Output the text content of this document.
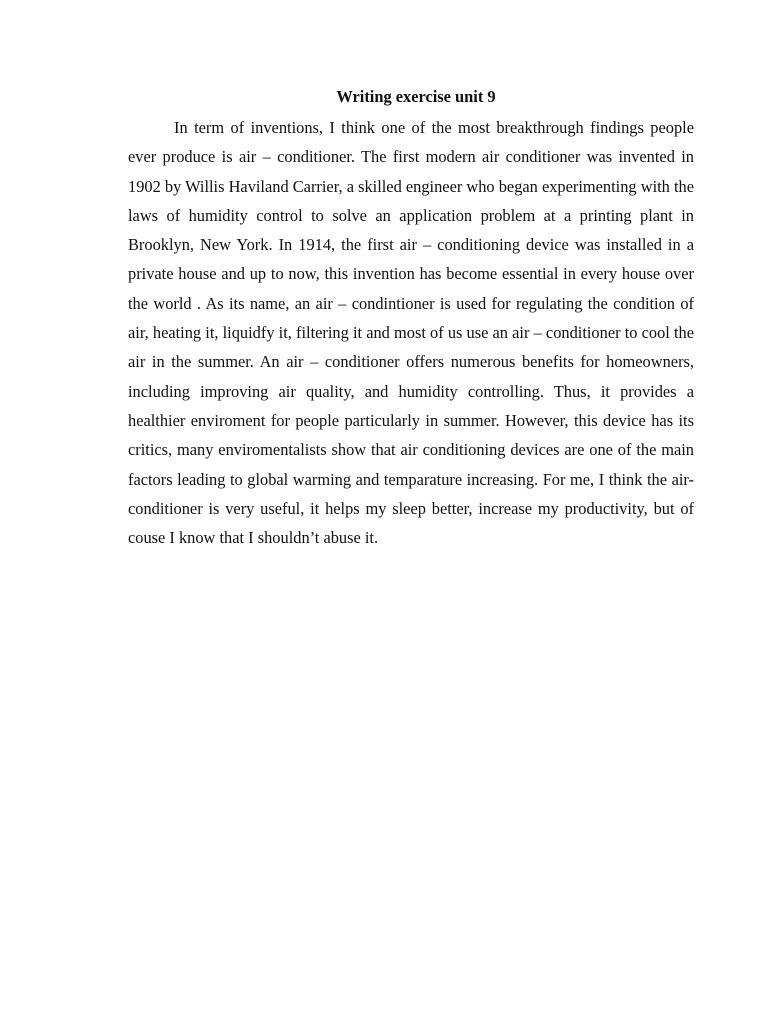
Writing exercise unit 9

In term of inventions, I think one of the most breakthrough findings people ever produce is air – conditioner. The first modern air conditioner was invented in 1902 by Willis Haviland Carrier, a skilled engineer who began experimenting with the laws of humidity control to solve an application problem at a printing plant in Brooklyn, New York. In 1914, the first air – conditioning device was installed in a private house and up to now, this invention has become essential in every house over the world . As its name, an air – condintioner is used for regulating the condition of air, heating it, liquidfy it, filtering it and most of us use an air – conditioner to cool the air in the summer. An air – conditioner offers numerous benefits for homeowners, including improving air quality, and humidity controlling. Thus, it provides a healthier enviroment for people particularly in summer. However, this device has its critics, many enviromentalists show that air conditioning devices are one of the main factors leading to global warming and temparature increasing. For me, I think the air-conditioner is very useful, it helps my sleep better, increase my productivity, but of couse I know that I shouldn’t abuse it.
